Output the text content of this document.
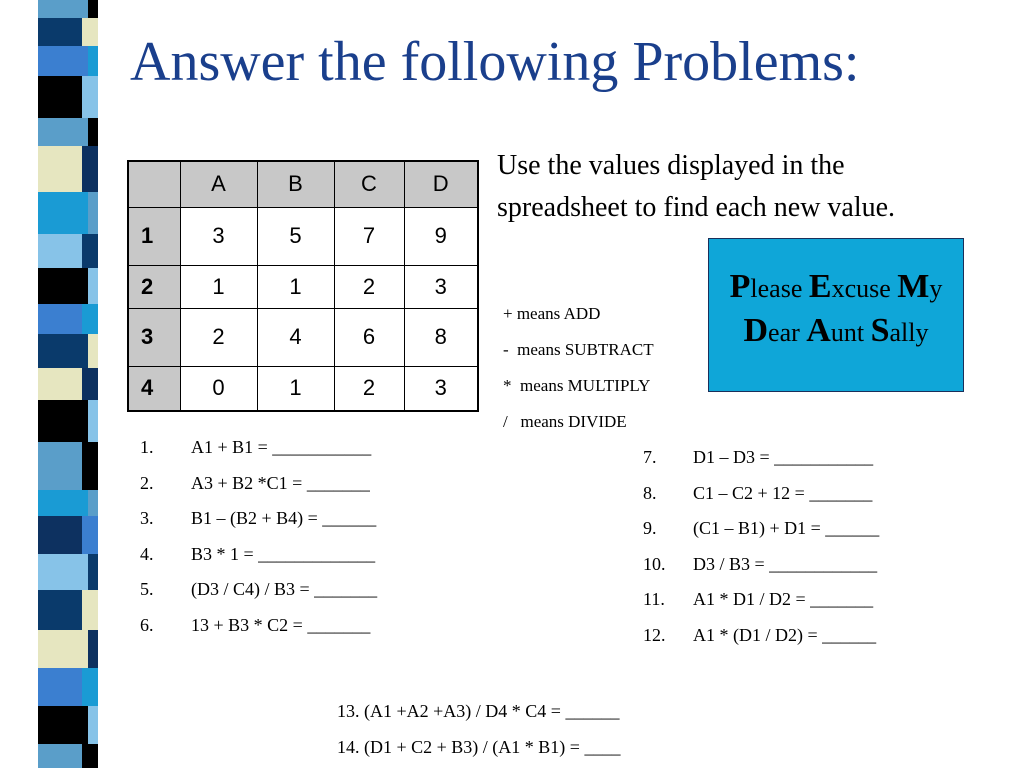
Answer the following Problems:
	A	B	C	D
1	3	5	7	9
2	1	1	2	3
3	2	4	6	8
4	0	1	2	3
Use the values displayed in the spreadsheet to find each new value.
+ means ADD
-  means SUBTRACT
*  means MULTIPLY
/   means DIVIDE
Please Excuse My
Dear Aunt Sally
1. A1 + B1 = ___________
2. A3 + B2 *C1 = _______
3. B1 – (B2 + B4) = ______
4. B3 * 1 = _____________
5. (D3 / C4) / B3 = _______
6. 13 + B3 * C2 = _______
7. D1 – D3 = ___________
8. C1 – C2 + 12 = _______
9. (C1 – B1) + D1 = ______
10. D3 / B3 = ____________
11. A1 * D1 / D2 = _______
12. A1 * (D1 / D2) = ______
13. (A1 +A2 +A3) / D4 * C4 = ______
14. (D1 + C2 + B3) / (A1 * B1) = ____
